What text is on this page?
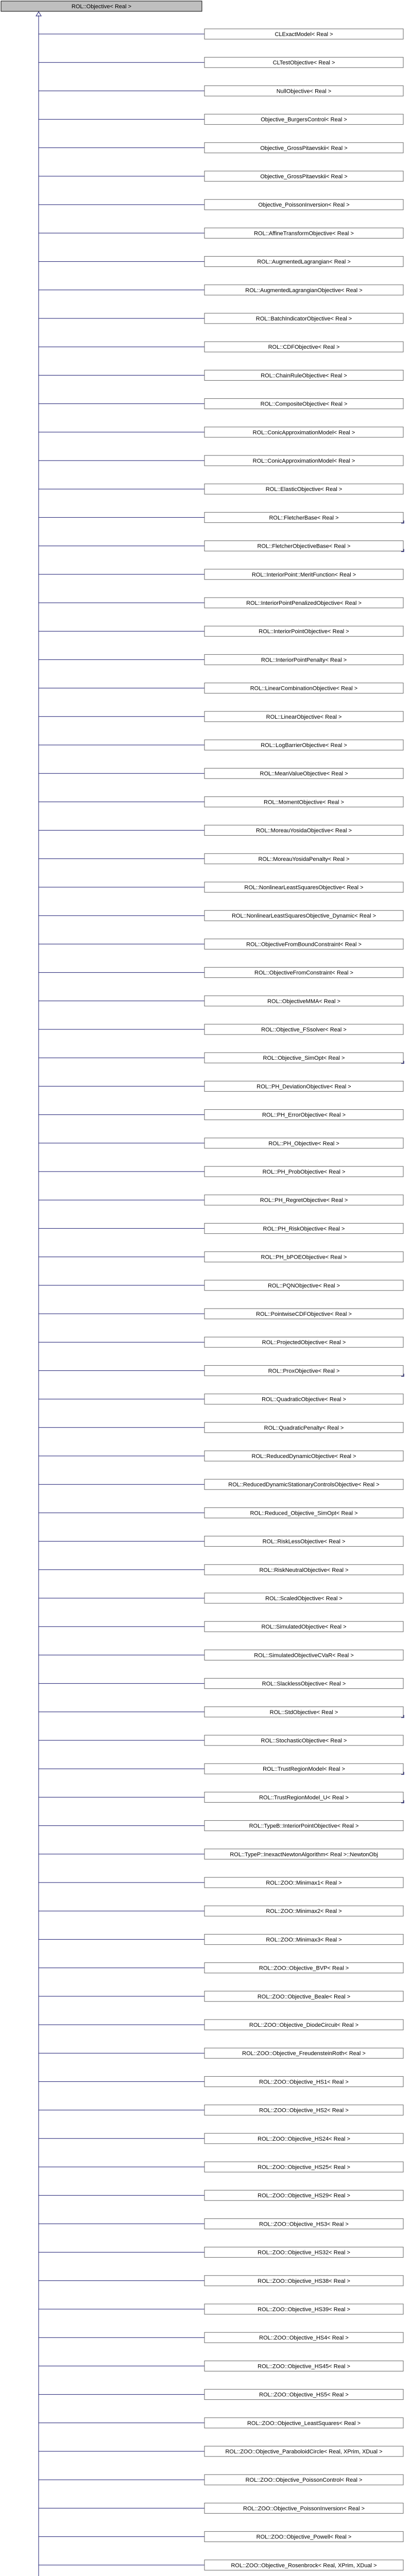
ROL::Objective< Real >
CLExactModel< Real >
CLTestObjective< Real >
NullObjective< Real >
Objective_BurgersControl< Real >
Objective_GrossPitaevskii< Real >
Objective_GrossPitaevskii< Real >
Objective_PoissonInversion< Real >
ROL::AffineTransformObjective< Real >
ROL::AugmentedLagrangian< Real >
ROL::AugmentedLagrangianObjective< Real >
ROL::BatchIndicatorObjective< Real >
ROL::CDFObjective< Real >
ROL::ChainRuleObjective< Real >
ROL::CompositeObjective< Real >
ROL::ConicApproximationModel< Real >
ROL::ConicApproximationModel< Real >
ROL::ElasticObjective< Real >
ROL::FletcherBase< Real >
ROL::FletcherObjectiveBase< Real >
ROL::InteriorPoint::MeritFunction< Real >
ROL::InteriorPointPenalizedObjective< Real >
ROL::InteriorPointObjective< Real >
ROL::InteriorPointPenalty< Real >
ROL::LinearCombinationObjective< Real >
ROL::LinearObjective< Real >
ROL::LogBarrierObjective< Real >
ROL::MeanValueObjective< Real >
ROL::MomentObjective< Real >
ROL::MoreauYosidaObjective< Real >
ROL::MoreauYosidaPenalty< Real >
ROL::NonlinearLeastSquaresObjective< Real >
ROL::NonlinearLeastSquaresObjective_Dynamic< Real >
ROL::ObjectiveFromBoundConstraint< Real >
ROL::ObjectiveFromConstraint< Real >
ROL::ObjectiveMMA< Real >
ROL::Objective_FSsolver< Real >
ROL::Objective_SimOpt< Real >
ROL::PH_DeviationObjective< Real >
ROL::PH_ErrorObjective< Real >
ROL::PH_Objective< Real >
ROL::PH_ProbObjective< Real >
ROL::PH_RegretObjective< Real >
ROL::PH_RiskObjective< Real >
ROL::PH_bPOEObjective< Real >
ROL::PQNObjective< Real >
ROL::PointwiseCDFObjective< Real >
ROL::ProjectedObjective< Real >
ROL::ProxObjective< Real >
ROL::QuadraticObjective< Real >
ROL::QuadraticPenalty< Real >
ROL::ReducedDynamicObjective< Real >
ROL::ReducedDynamicStationaryControlsObjective< Real >
ROL::Reduced_Objective_SimOpt< Real >
ROL::RiskLessObjective< Real >
ROL::RiskNeutralObjective< Real >
ROL::ScaledObjective< Real >
ROL::SimulatedObjective< Real >
ROL::SimulatedObjectiveCVaR< Real >
ROL::SlacklessObjective< Real >
ROL::StdObjective< Real >
ROL::StochasticObjective< Real >
ROL::TrustRegionModel< Real >
ROL::TrustRegionModel_U< Real >
ROL::TypeB::InteriorPointObjective< Real >
ROL::TypeP::InexactNewtonAlgorithm< Real >::NewtonObj
ROL::ZOO::Minimax1< Real >
ROL::ZOO::Minimax2< Real >
ROL::ZOO::Minimax3< Real >
ROL::ZOO::Objective_BVP< Real >
ROL::ZOO::Objective_Beale< Real >
ROL::ZOO::Objective_DiodeCircuit< Real >
ROL::ZOO::Objective_FreudensteinRoth< Real >
ROL::ZOO::Objective_HS1< Real >
ROL::ZOO::Objective_HS2< Real >
ROL::ZOO::Objective_HS24< Real >
ROL::ZOO::Objective_HS25< Real >
ROL::ZOO::Objective_HS29< Real >
ROL::ZOO::Objective_HS3< Real >
ROL::ZOO::Objective_HS32< Real >
ROL::ZOO::Objective_HS38< Real >
ROL::ZOO::Objective_HS39< Real >
ROL::ZOO::Objective_HS4< Real >
ROL::ZOO::Objective_HS45< Real >
ROL::ZOO::Objective_HS5< Real >
ROL::ZOO::Objective_LeastSquares< Real >
ROL::ZOO::Objective_ParaboloidCircle< Real, XPrim, XDual >
ROL::ZOO::Objective_PoissonControl< Real >
ROL::ZOO::Objective_PoissonInversion< Real >
ROL::ZOO::Objective_Powell< Real >
ROL::ZOO::Objective_Rosenbrock< Real, XPrim, XDual >
